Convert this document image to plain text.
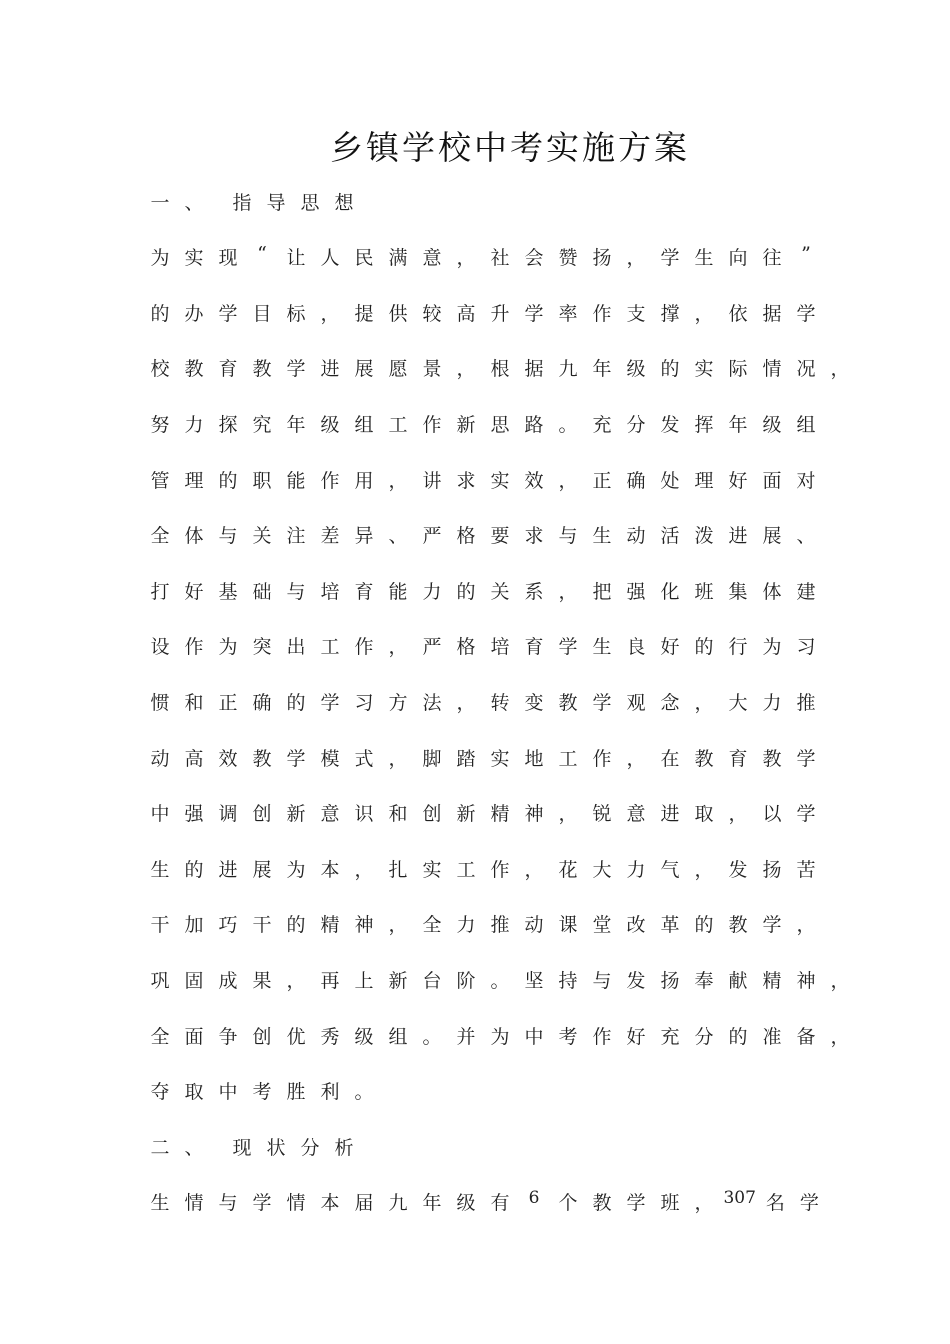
乡镇学校中考实施方案
一 、	指 导 思 想
为 实 现	“	让 人 民 满 意 ， 社 会 赞 扬 ， 学 生 向 往	”
的 办 学 目 标 ， 提 供 较 高 升 学 率 作 支 撑 ， 依 据 学
校 教 育 教 学 进 展 愿 景 ， 根 据 九 年 级 的 实 际 情 况 ，
努 力 探 究 年 级 组 工 作 新 思 路 。 充 分 发 挥 年 级 组
管 理 的 职 能 作 用 ， 讲 求 实 效 ， 正 确 处 理 好 面 对
全 体 与 关 注 差 异 、 严 格 要 求 与 生 动 活 泼 进 展 、
打 好 基 础 与 培 育 能 力 的 关 系 ， 把 强 化 班 集 体 建
设 作 为 突 出 工 作 ， 严 格 培 育 学 生 良 好 的 行 为 习
惯 和 正 确 的 学 习 方 法 ， 转 变 教 学 观 念 ， 大 力 推
动 高 效 教 学 模 式 ， 脚 踏 实 地 工 作 ， 在 教 育 教 学
中 强 调 创 新 意 识 和 创 新 精 神 ， 锐 意 进 取 ， 以 学
生 的 进 展 为 本 ， 扎 实 工 作 ， 花 大 力 气 ， 发 扬 苦
干 加 巧 干 的 精 神 ， 全 力 推 动 课 堂 改 革 的 教 学 ，
巩 固 成 果 ， 再 上 新 台 阶 。 坚 持 与 发 扬 奉 献 精 神 ，
全 面 争 创 优 秀 级 组 。 并 为 中 考 作 好 充 分 的 准 备 ，
夺 取 中 考 胜 利 。
二 、	现 状 分 析
生 情 与 学 情 本 届 九 年 级 有	6	个 教 学 班 ， 307 名 学
